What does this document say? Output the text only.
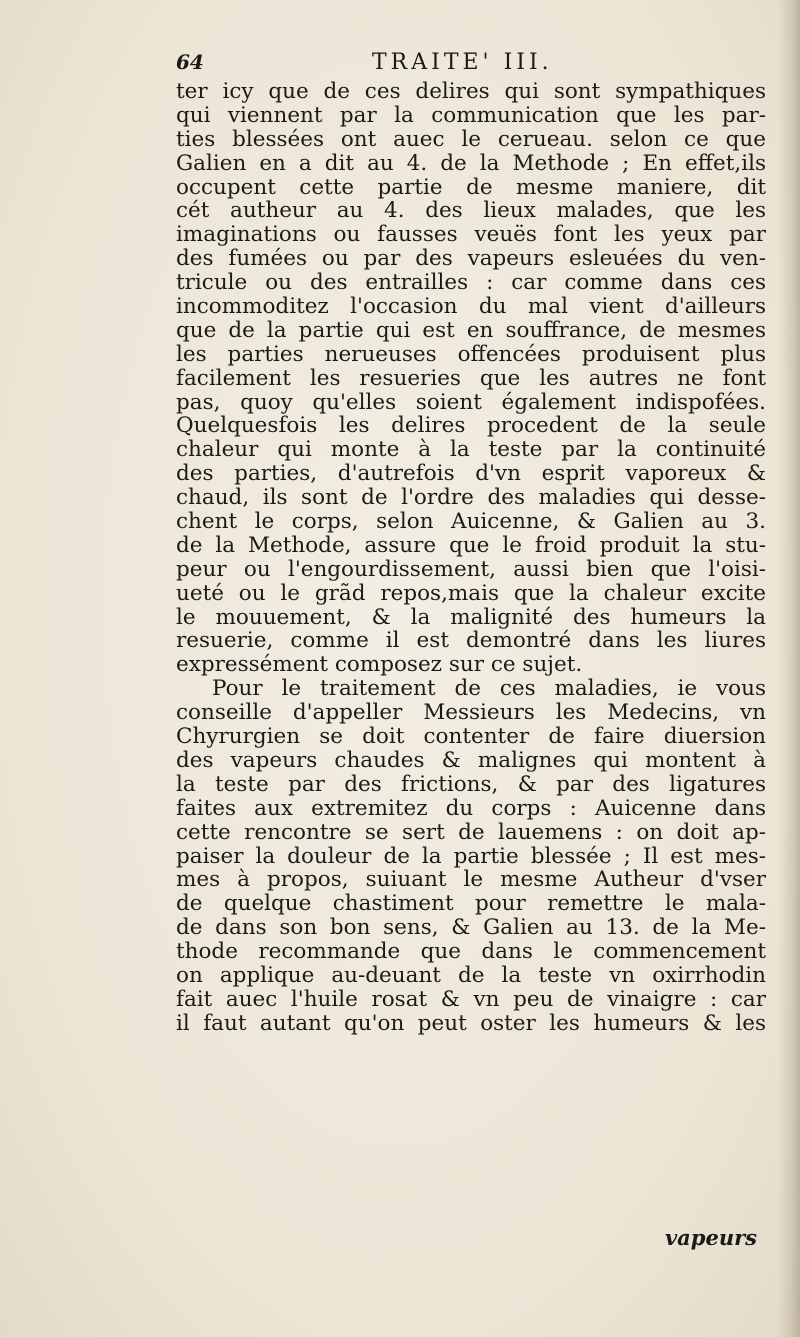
64	TRAITE' III.
ter icy que de ces delires qui sont sympathiques
qui viennent par la communication que les par-
ties blessées ont auec le cerueau. selon ce que
Galien en a dit au 4. de la Methode ; En effet,ils
occupent cette partie de mesme maniere, dit
cét autheur au 4. des lieux malades, que les
imaginations ou fausses veuës font les yeux par
des fumées ou par des vapeurs esleuées du ven-
tricule ou des entrailles : car comme dans ces
incommoditez l'occasion du mal vient d'ailleurs
que de la partie qui est en souffrance, de mesmes
les parties nerueuses offencées produisent plus
facilement les resueries que les autres ne font
pas, quoy qu'elles soient également indispofées.
Quelquesfois les delires procedent de la seule
chaleur qui monte à la teste par la continuité
des parties, d'autrefois d'vn esprit vaporeux &
chaud, ils sont de l'ordre des maladies qui desse-
chent le corps, selon Auicenne, & Galien au 3.
de la Methode, assure que le froid produit la stu-
peur ou l'engourdissement, aussi bien que l'oisi-
ueté ou le grãd repos,mais que la chaleur excite
le mouuement, & la malignité des humeurs la
resuerie, comme il est demontré dans les liures
expressément composez sur ce sujet.
Pour le traitement de ces maladies, ie vous
conseille d'appeller Messieurs les Medecins, vn
Chyrurgien se doit contenter de faire diuersion
des vapeurs chaudes & malignes qui montent à
la teste par des frictions, & par des ligatures
faites aux extremitez du corps : Auicenne dans
cette rencontre se sert de lauemens : on doit ap-
paiser la douleur de la partie blessée ; Il est mes-
mes à propos, suiuant le mesme Autheur d'vser
de quelque chastiment pour remettre le mala-
de dans son bon sens, & Galien au 13. de la Me-
thode recommande que dans le commencement
on applique au-deuant de la teste vn oxirrhodin
fait auec l'huile rosat & vn peu de vinaigre : car
il faut autant qu'on peut oster les humeurs & les
vapeurs
